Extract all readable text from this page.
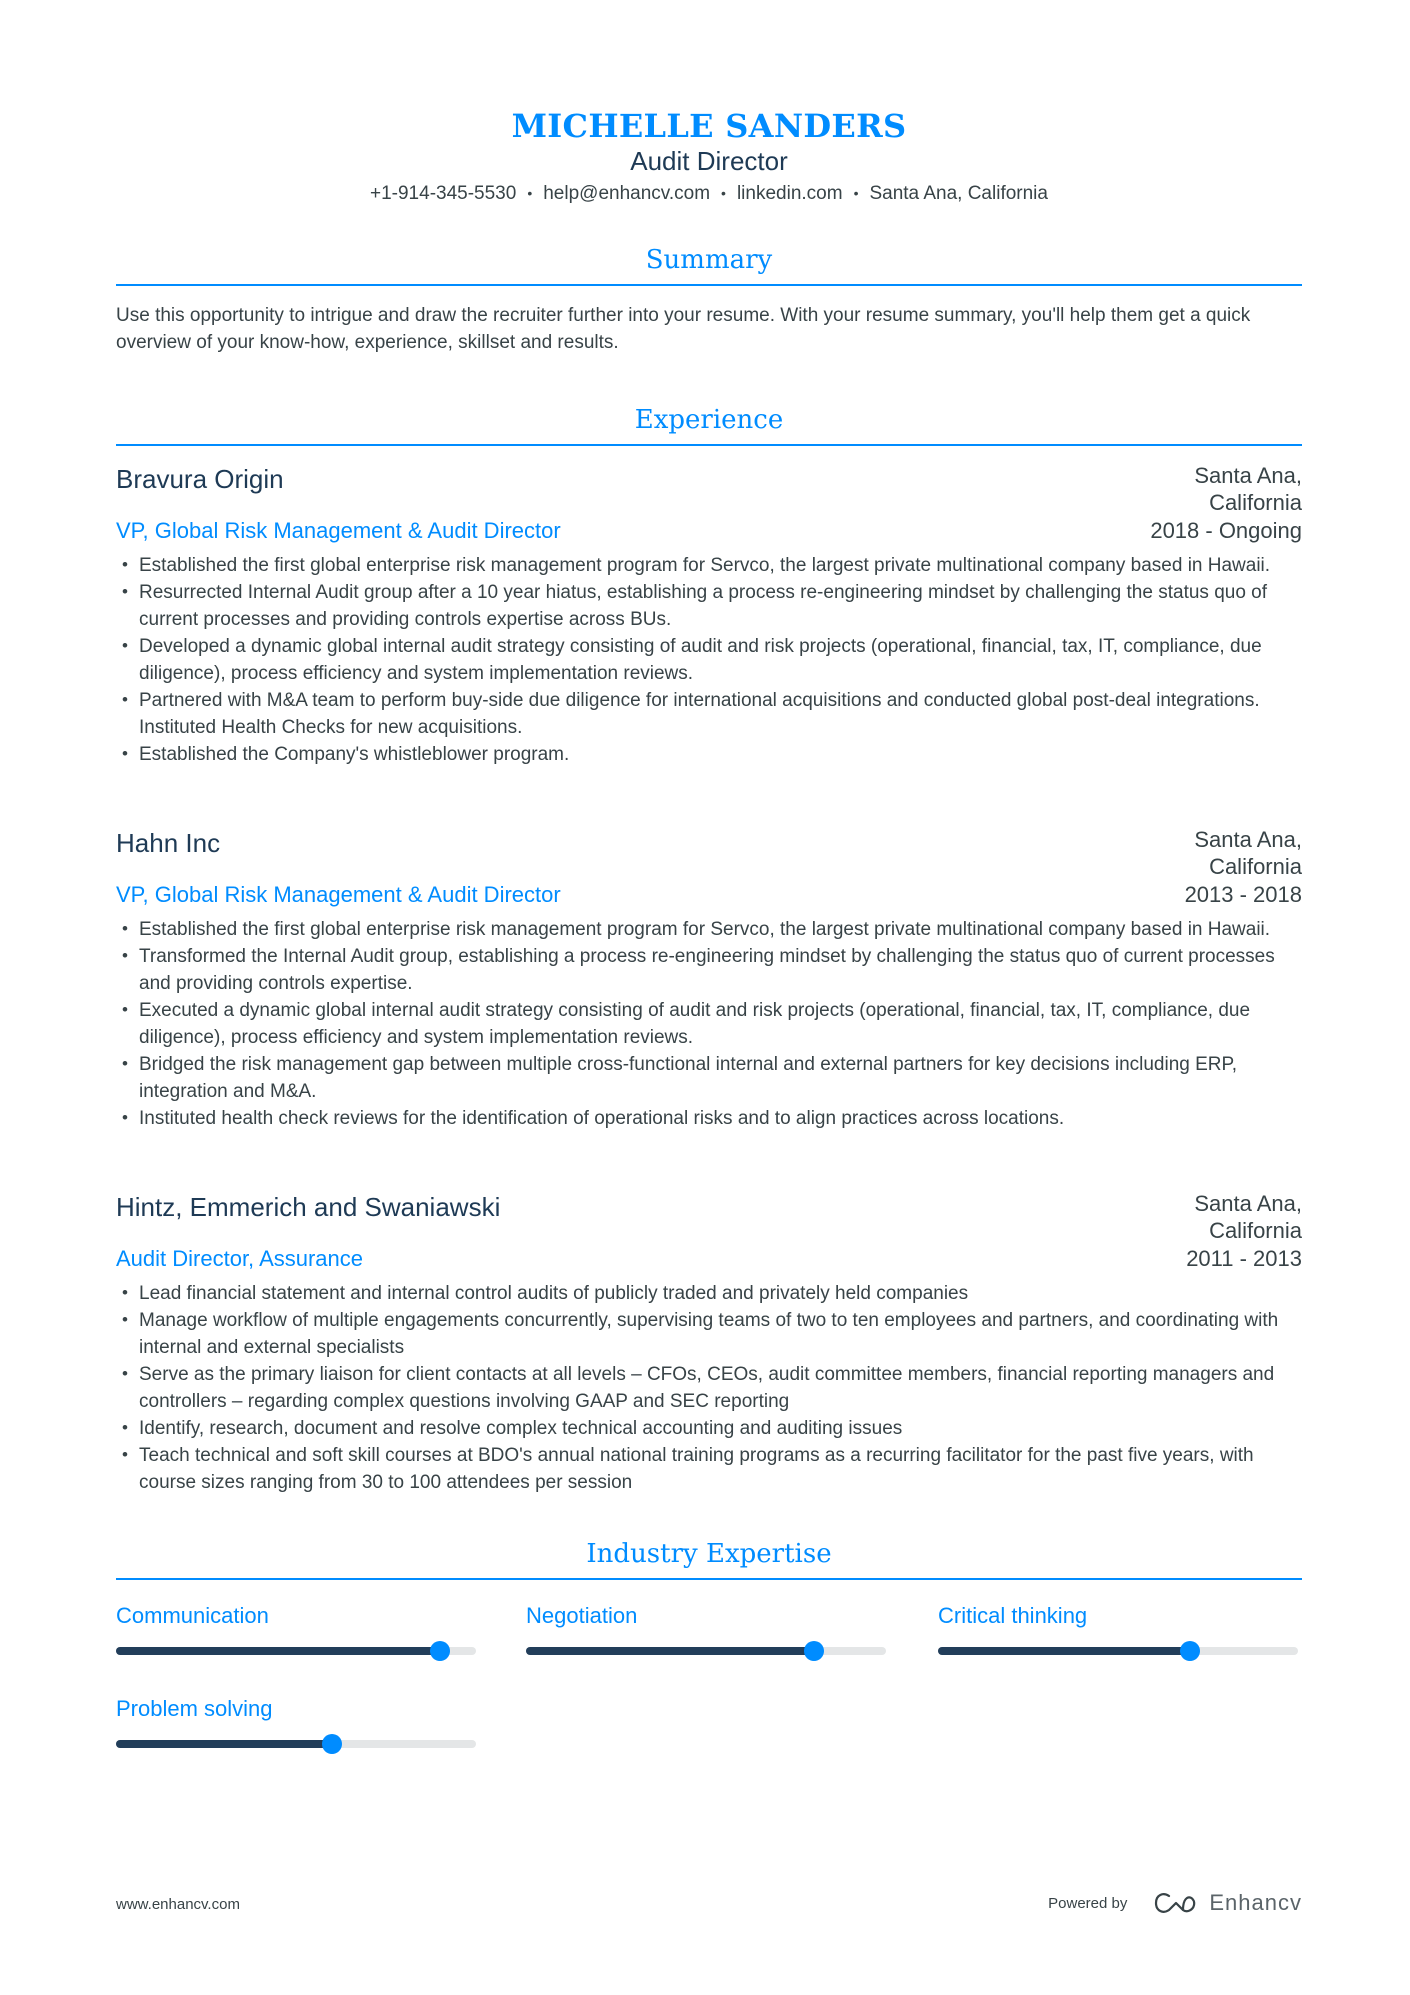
MICHELLE SANDERS
Audit Director
+1-914-345-5530 • help@enhancv.com • linkedin.com • Santa Ana, California
Summary
Use this opportunity to intrigue and draw the recruiter further into your resume. With your resume summary, you'll help them get a quick overview of your know-how, experience, skillset and results.
Experience
Bravura Origin	Santa Ana, California
VP, Global Risk Management & Audit Director	2018 - Ongoing
• Established the first global enterprise risk management program for Servco, the largest private multinational company based in Hawaii.
• Resurrected Internal Audit group after a 10 year hiatus, establishing a process re-engineering mindset by challenging the status quo of current processes and providing controls expertise across BUs.
• Developed a dynamic global internal audit strategy consisting of audit and risk projects (operational, financial, tax, IT, compliance, due diligence), process efficiency and system implementation reviews.
• Partnered with M&A team to perform buy-side due diligence for international acquisitions and conducted global post-deal integrations. Instituted Health Checks for new acquisitions.
• Established the Company's whistleblower program.
Hahn Inc	Santa Ana, California
VP, Global Risk Management & Audit Director	2013 - 2018
• Established the first global enterprise risk management program for Servco, the largest private multinational company based in Hawaii.
• Transformed the Internal Audit group, establishing a process re-engineering mindset by challenging the status quo of current processes and providing controls expertise.
• Executed a dynamic global internal audit strategy consisting of audit and risk projects (operational, financial, tax, IT, compliance, due diligence), process efficiency and system implementation reviews.
• Bridged the risk management gap between multiple cross-functional internal and external partners for key decisions including ERP, integration and M&A.
• Instituted health check reviews for the identification of operational risks and to align practices across locations.
Hintz, Emmerich and Swaniawski	Santa Ana, California
Audit Director, Assurance	2011 - 2013
• Lead financial statement and internal control audits of publicly traded and privately held companies
• Manage workflow of multiple engagements concurrently, supervising teams of two to ten employees and partners, and coordinating with internal and external specialists
• Serve as the primary liaison for client contacts at all levels – CFOs, CEOs, audit committee members, financial reporting managers and controllers – regarding complex questions involving GAAP and SEC reporting
• Identify, research, document and resolve complex technical accounting and auditing issues
• Teach technical and soft skill courses at BDO's annual national training programs as a recurring facilitator for the past five years, with course sizes ranging from 30 to 100 attendees per session
Industry Expertise
Communication	Negotiation	Critical thinking
Problem solving
www.enhancv.com	Powered by	Enhancv
